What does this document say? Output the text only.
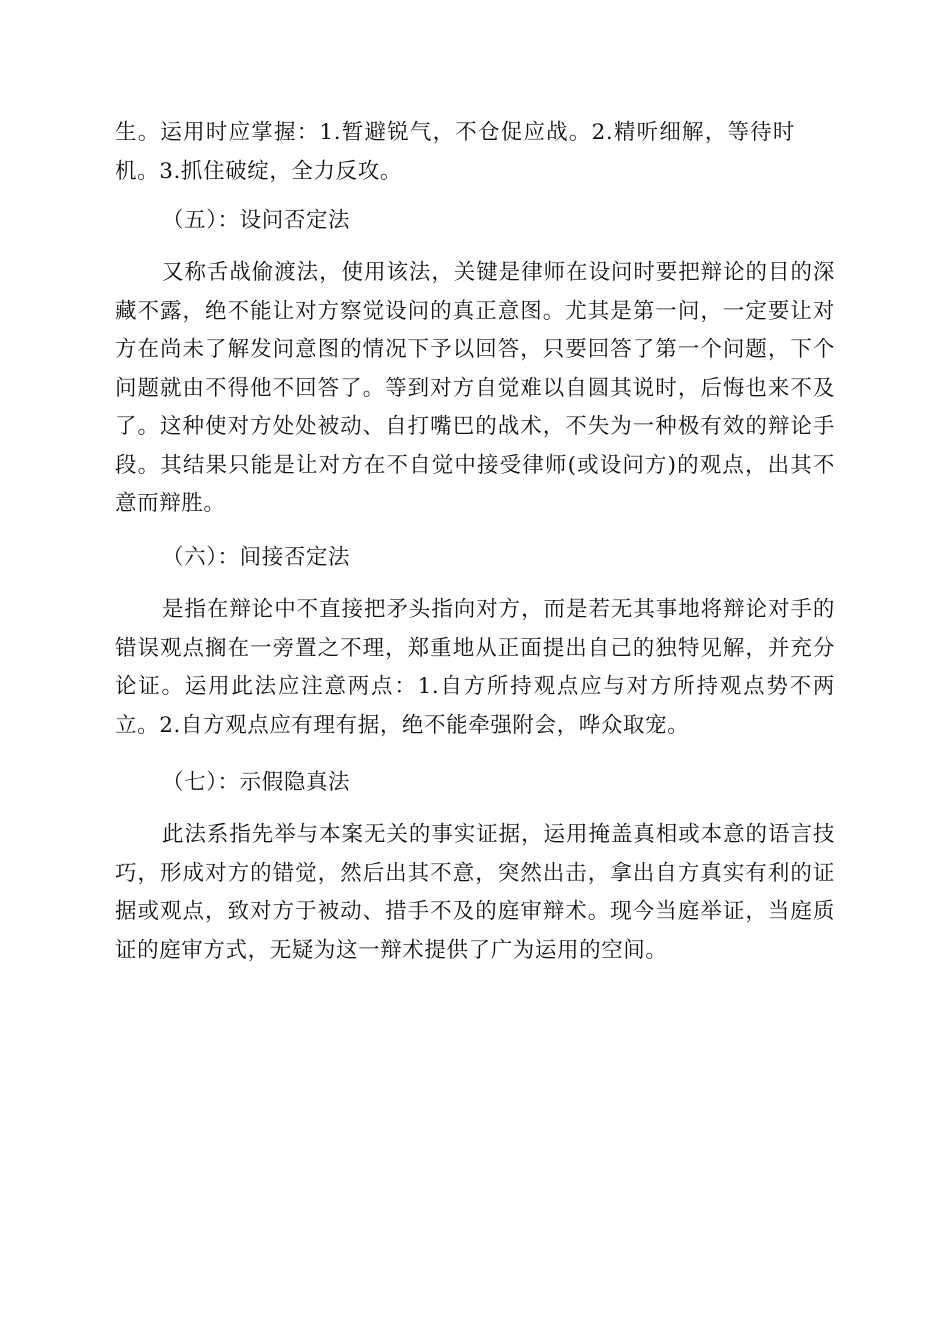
生。运用时应掌握：1.暂避锐气，不仓促应战。2.精听细解，等待时机。3.抓住破绽，全力反攻。

（五）：设问否定法

又称舌战偷渡法，使用该法，关键是律师在设问时要把辩论的目的深藏不露，绝不能让对方察觉设问的真正意图。尤其是第一问，一定要让对方在尚未了解发问意图的情况下予以回答，只要回答了第一个问题，下个问题就由不得他不回答了。等到对方自觉难以自圆其说时，后悔也来不及了。这种使对方处处被动、自打嘴巴的战术，不失为一种极有效的辩论手段。其结果只能是让对方在不自觉中接受律师(或设问方)的观点，出其不意而辩胜。

（六）：间接否定法

是指在辩论中不直接把矛头指向对方，而是若无其事地将辩论对手的错误观点搁在一旁置之不理，郑重地从正面提出自己的独特见解，并充分论证。运用此法应注意两点：1.自方所持观点应与对方所持观点势不两立。2.自方观点应有理有据，绝不能牵强附会，哗众取宠。

（七）：示假隐真法

此法系指先举与本案无关的事实证据，运用掩盖真相或本意的语言技巧，形成对方的错觉，然后出其不意，突然出击，拿出自方真实有利的证据或观点，致对方于被动、措手不及的庭审辩术。现今当庭举证，当庭质证的庭审方式，无疑为这一辩术提供了广为运用的空间。
